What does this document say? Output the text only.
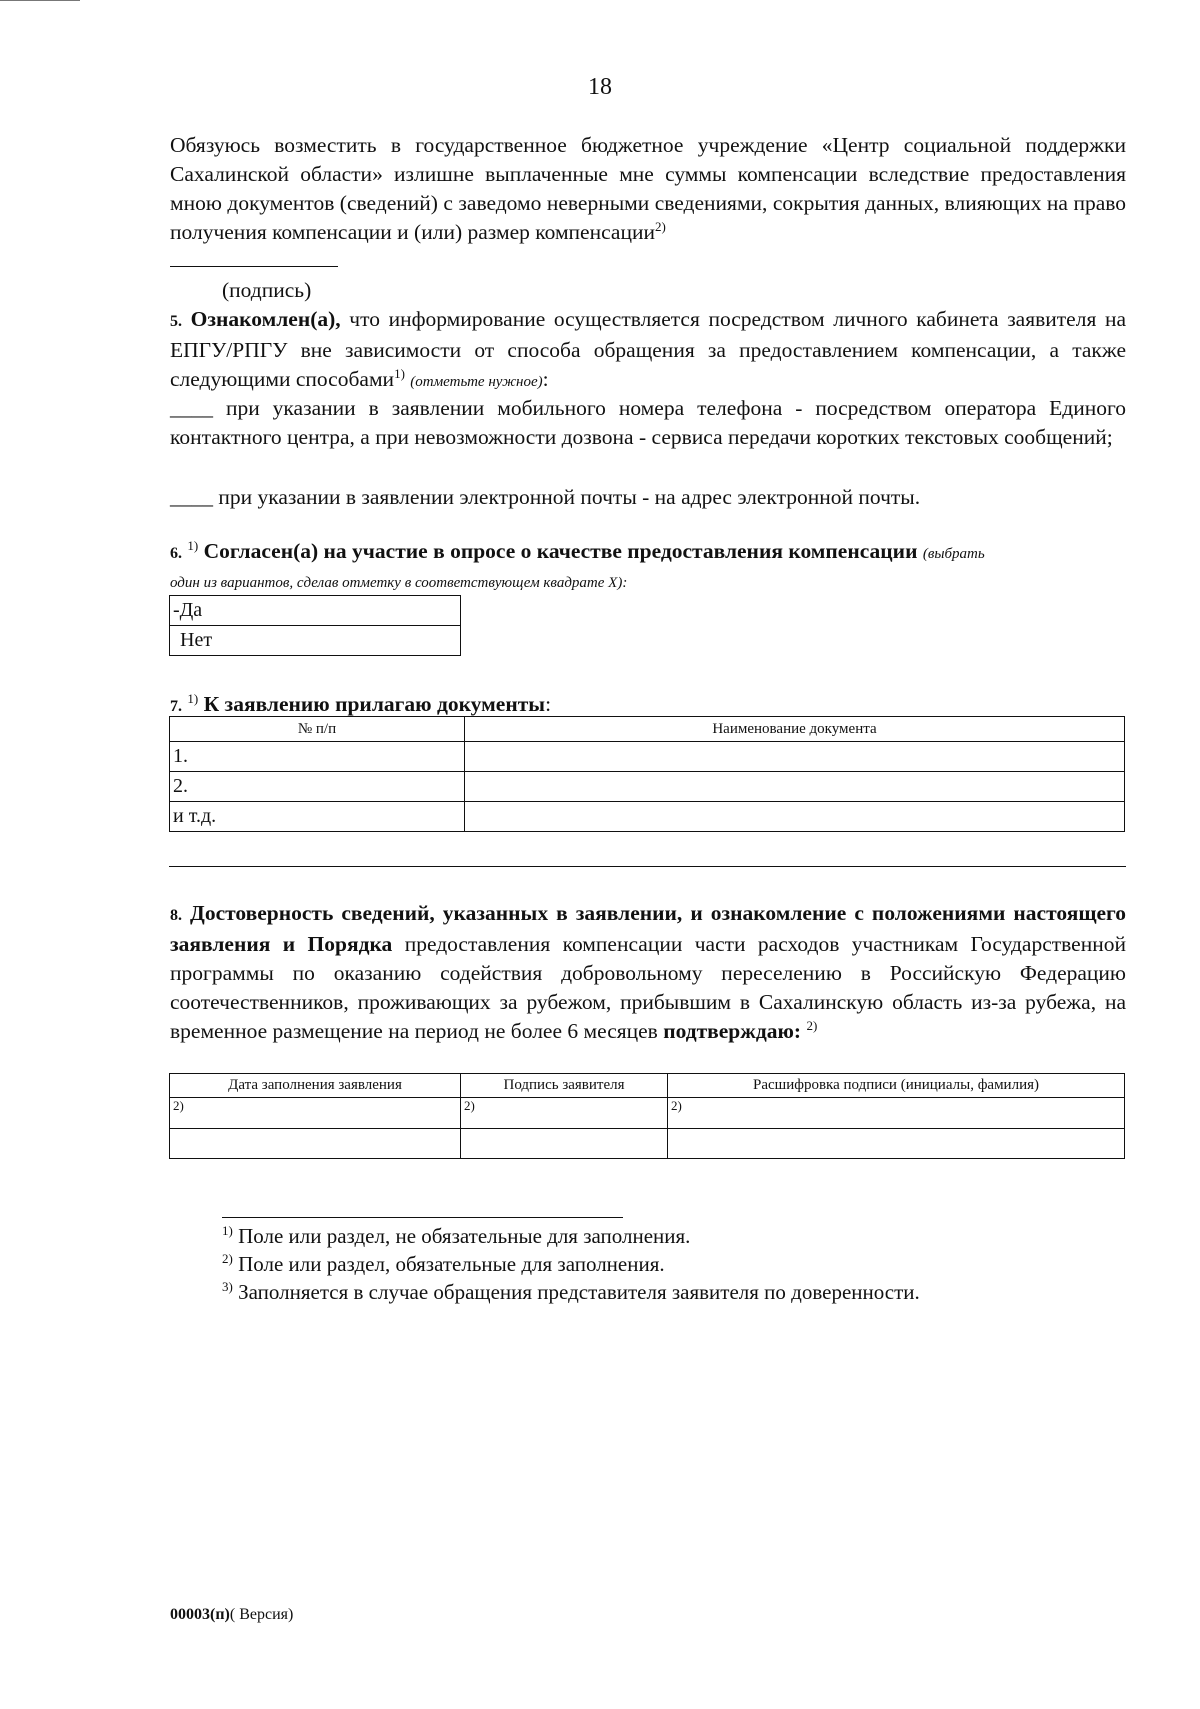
18
Обязуюсь возместить в государственное бюджетное учреждение «Центр социальной поддержки Сахалинской области» излишне выплаченные мне суммы компенсации вследствие предоставления мною документов (сведений) с заведомо неверными сведениями, сокрытия данных, влияющих на право получения компенсации и (или) размер компенсации$^{2)}$
(подпись)
5. Ознакомлен(а), что информирование осуществляется посредством личного кабинета заявителя на ЕПГУ/РПГУ вне зависимости от способа обращения за предоставлением компенсации, а также следующими способами$^{1)}$ (отметьте нужное):
____ при указании в заявлении мобильного номера телефона - посредством оператора Единого контактного центра, а при невозможности дозвона - сервиса передачи коротких текстовых сообщений;
____ при указании в заявлении электронной почты - на адрес электронной почты.
6. $^{1)}$ Согласен(а) на участие в опросе о качестве предоставления компенсации (выбрать
один из вариантов, сделав отметку в соответствующем квадрате Х):
-Да
Нет
7. $^{1)}$ К заявлению прилагаю документы:
№ п/п	Наименование документа
1.	
2.	
и т.д.	
8. Достоверность сведений, указанных в заявлении, и ознакомление с положениями настоящего заявления и Порядка предоставления компенсации части расходов участникам Государственной программы по оказанию содействия добровольному переселению в Российскую Федерацию соотечественников, проживающих за рубежом, прибывшим в Сахалинскую область из-за рубежа, на временное размещение на период не более 6 месяцев подтверждаю: $^{2)}$
Дата заполнения заявления	Подпись заявителя	Расшифровка подписи (инициалы, фамилия)
2)	2)	2)

$^{1)}$ Поле или раздел, не обязательные для заполнения.
$^{2)}$ Поле или раздел, обязательные для заполнения.
$^{3)}$ Заполняется в случае обращения представителя заявителя по доверенности.
00003(п)( Версия)
